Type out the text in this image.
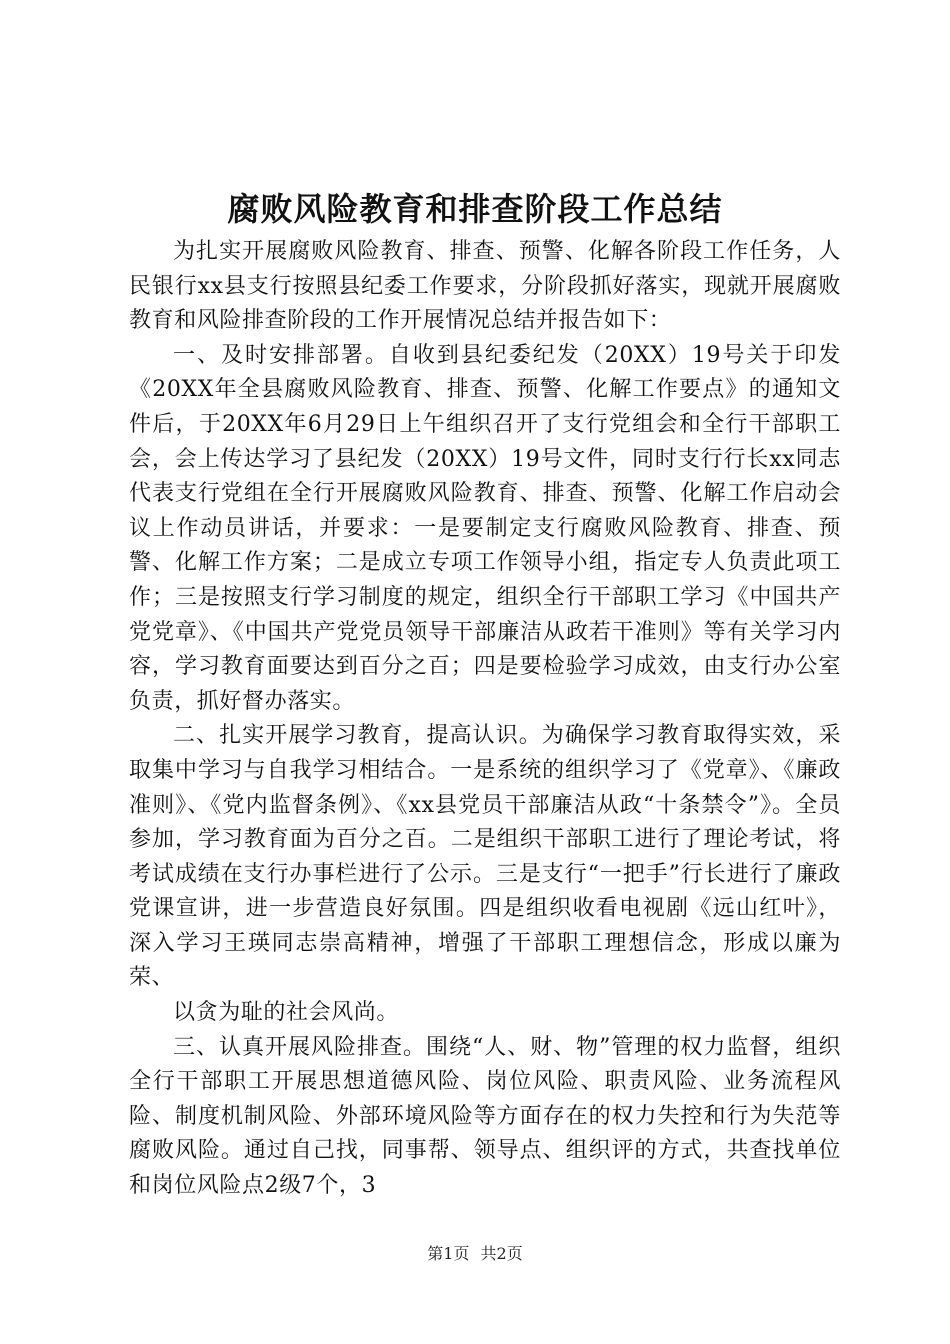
腐败风险教育和排查阶段工作总结

为扎实开展腐败风险教育、排查、预警、化解各阶段工作任务，人民银行xx县支行按照县纪委工作要求，分阶段抓好落实，现就开展腐败教育和风险排查阶段的工作开展情况总结并报告如下：

一、及时安排部署。自收到县纪委纪发（20XX）19号关于印发《20XX年全县腐败风险教育、排查、预警、化解工作要点》的通知文件后，于20XX年6月29日上午组织召开了支行党组会和全行干部职工会，会上传达学习了县纪发（20XX）19号文件，同时支行行长xx同志代表支行党组在全行开展腐败风险教育、排查、预警、化解工作启动会议上作动员讲话，并要求：一是要制定支行腐败风险教育、排查、预警、化解工作方案；二是成立专项工作领导小组，指定专人负责此项工作；三是按照支行学习制度的规定，组织全行干部职工学习《中国共产党党章》、《中国共产党党员领导干部廉洁从政若干准则》等有关学习内容，学习教育面要达到百分之百；四是要检验学习成效，由支行办公室负责，抓好督办落实。

二、扎实开展学习教育，提高认识。为确保学习教育取得实效，采取集中学习与自我学习相结合。一是系统的组织学习了《党章》、《廉政准则》、《党内监督条例》、《xx县党员干部廉洁从政“十条禁令”》。全员参加，学习教育面为百分之百。二是组织干部职工进行了理论考试，将考试成绩在支行办事栏进行了公示。三是支行“一把手”行长进行了廉政党课宣讲，进一步营造良好氛围。四是组织收看电视剧《远山红叶》，深入学习王瑛同志崇高精神，增强了干部职工理想信念，形成以廉为荣、

以贪为耻的社会风尚。

三、认真开展风险排查。围绕“人、财、物”管理的权力监督，组织全行干部职工开展思想道德风险、岗位风险、职责风险、业务流程风险、制度机制风险、外部环境风险等方面存在的权力失控和行为失范等腐败风险。通过自己找，同事帮、领导点、组织评的方式，共查找单位和岗位风险点2级7个，3

第1页 共2页
